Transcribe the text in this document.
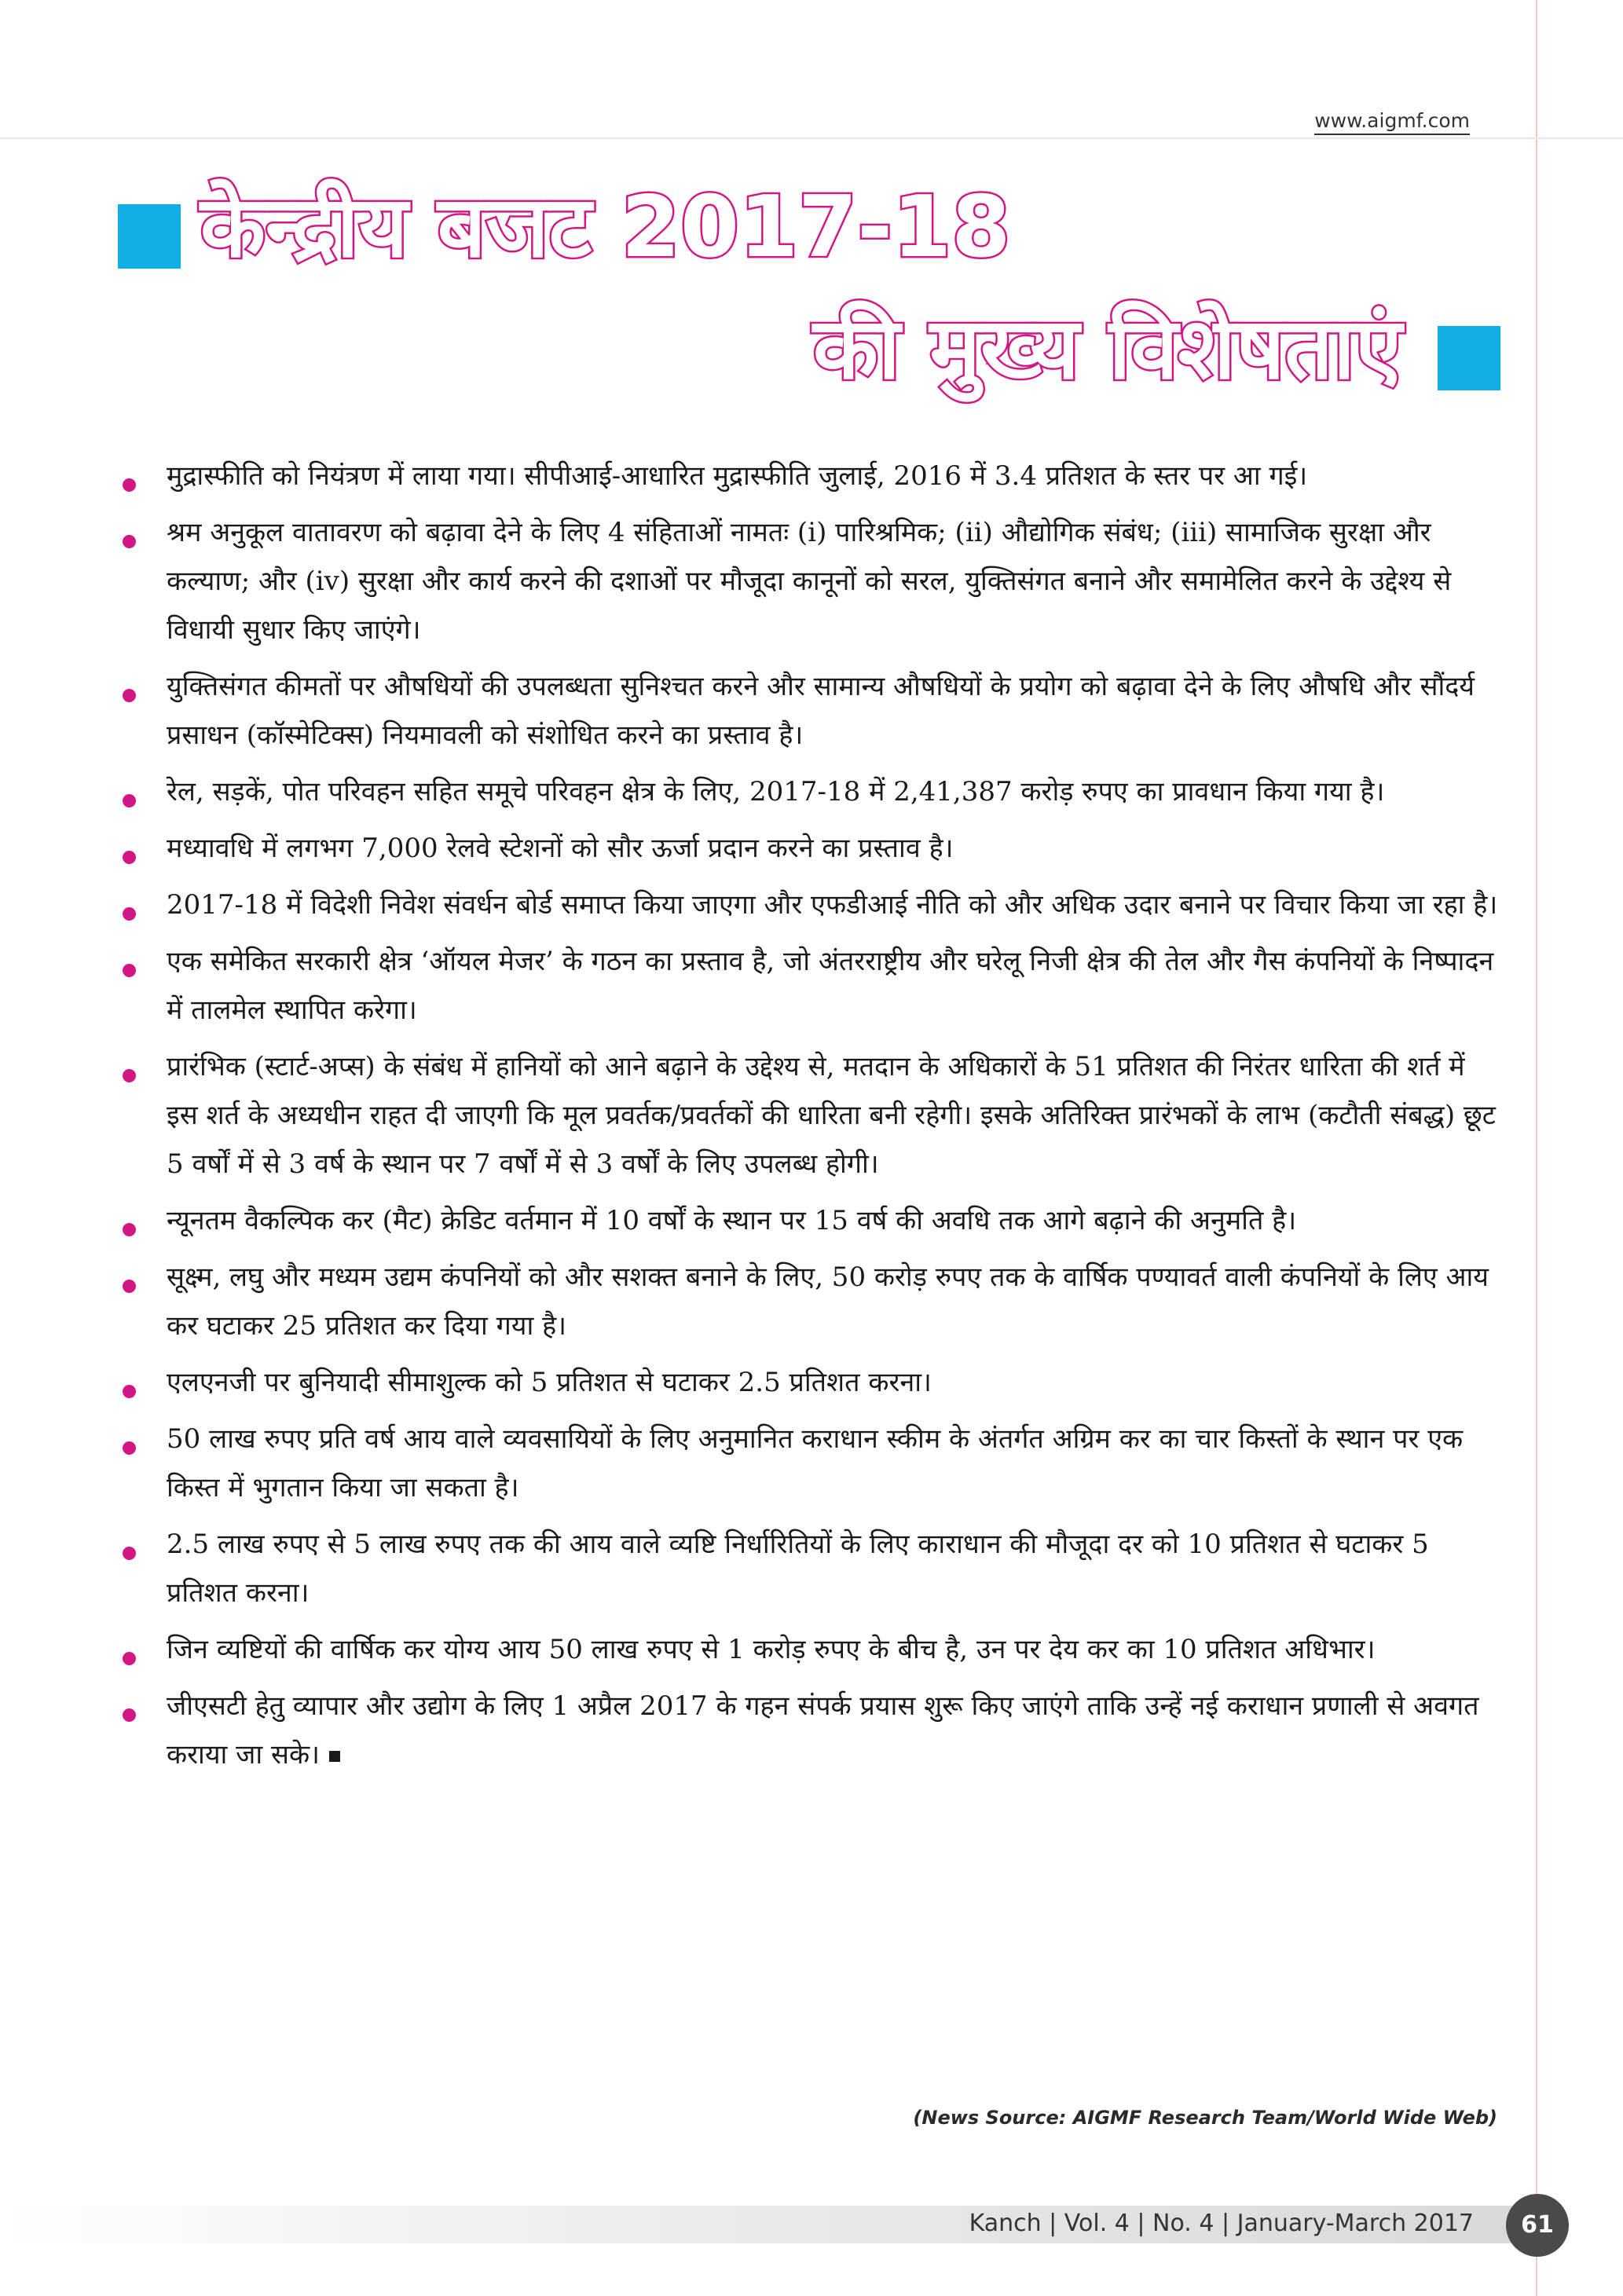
www.aigmf.com
केन्द्रीय बजट 2017-18
की मुख्य विशेषताएं
मुद्रास्फीति को नियंत्रण में लाया गया। सीपीआई-आधारित मुद्रास्फीति जुलाई, 2016 में 3.4 प्रतिशत के स्तर पर आ गई।
श्रम अनुकूल वातावरण को बढ़ावा देने के लिए 4 संहिताओं नामतः (i) पारिश्रमिक; (ii) औद्योगिक संबंध; (iii) सामाजिक सुरक्षा और कल्याण; और (iv) सुरक्षा और कार्य करने की दशाओं पर मौजूदा कानूनों को सरल, युक्तिसंगत बनाने और समामेलित करने के उद्देश्य से विधायी सुधार किए जाएंगे।
युक्तिसंगत कीमतों पर औषधियों की उपलब्धता सुनिश्चत करने और सामान्य औषधियों के प्रयोग को बढ़ावा देने के लिए औषधि और सौंदर्य प्रसाधन (कॉस्मेटिक्स) नियमावली को संशोधित करने का प्रस्ताव है।
रेल, सड़कें, पोत परिवहन सहित समूचे परिवहन क्षेत्र के लिए, 2017-18 में 2,41,387 करोड़ रुपए का प्रावधान किया गया है।
मध्यावधि में लगभग 7,000 रेलवे स्टेशनों को सौर ऊर्जा प्रदान करने का प्रस्ताव है।
2017-18 में विदेशी निवेश संवर्धन बोर्ड समाप्त किया जाएगा और एफडीआई नीति को और अधिक उदार बनाने पर विचार किया जा रहा है।
एक समेकित सरकारी क्षेत्र ‘ऑयल मेजर’ के गठन का प्रस्ताव है, जो अंतरराष्ट्रीय और घरेलू निजी क्षेत्र की तेल और गैस कंपनियों के निष्पादन में तालमेल स्थापित करेगा।
प्रारंभिक (स्टार्ट-अप्स) के संबंध में हानियों को आने बढ़ाने के उद्देश्य से, मतदान के अधिकारों के 51 प्रतिशत की निरंतर धारिता की शर्त में इस शर्त के अध्यधीन राहत दी जाएगी कि मूल प्रवर्तक/प्रवर्तकों की धारिता बनी रहेगी। इसके अतिरिक्त प्रारंभकों के लाभ (कटौती संबद्ध) छूट 5 वर्षों में से 3 वर्ष के स्थान पर 7 वर्षों में से 3 वर्षों के लिए उपलब्ध होगी।
न्यूनतम वैकल्पिक कर (मैट) क्रेडिट वर्तमान में 10 वर्षों के स्थान पर 15 वर्ष की अवधि तक आगे बढ़ाने की अनुमति है।
सूक्ष्म, लघु और मध्यम उद्यम कंपनियों को और सशक्त बनाने के लिए, 50 करोड़ रुपए तक के वार्षिक पण्यावर्त वाली कंपनियों के लिए आय कर घटाकर 25 प्रतिशत कर दिया गया है।
एलएनजी पर बुनियादी सीमाशुल्क को 5 प्रतिशत से घटाकर 2.5 प्रतिशत करना।
50 लाख रुपए प्रति वर्ष आय वाले व्यवसायियों के लिए अनुमानित कराधान स्कीम के अंतर्गत अग्रिम कर का चार किस्तों के स्थान पर एक किस्त में भुगतान किया जा सकता है।
2.5 लाख रुपए से 5 लाख रुपए तक की आय वाले व्यष्टि निर्धारितियों के लिए काराधान की मौजूदा दर को 10 प्रतिशत से घटाकर 5 प्रतिशत करना।
जिन व्यष्टियों की वार्षिक कर योग्य आय 50 लाख रुपए से 1 करोड़ रुपए के बीच है, उन पर देय कर का 10 प्रतिशत अधिभार।
जीएसटी हेतु व्यापार और उद्योग के लिए 1 अप्रैल 2017 के गहन संपर्क प्रयास शुरू किए जाएंगे ताकि उन्हें नई कराधान प्रणाली से अवगत कराया जा सके।
(News Source: AIGMF Research Team/World Wide Web)
Kanch | Vol. 4 | No. 4 | January-March 2017	61
